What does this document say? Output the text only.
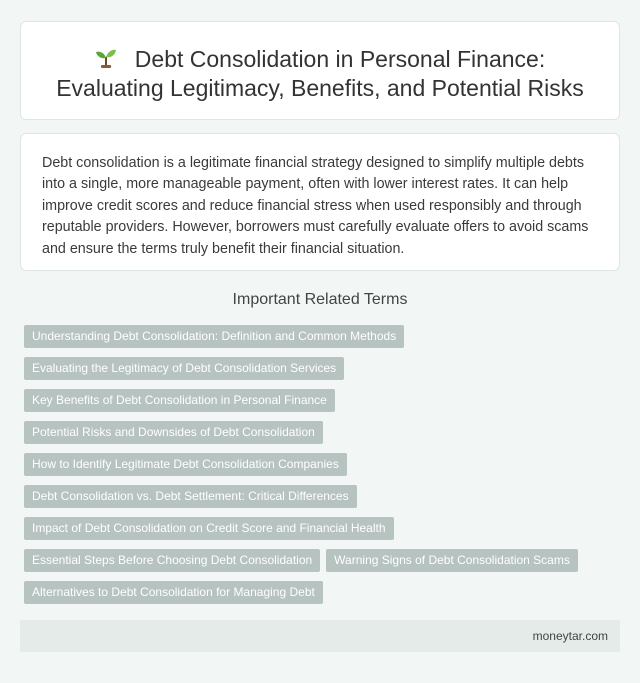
Debt Consolidation in Personal Finance:
Evaluating Legitimacy, Benefits, and Potential Risks

Debt consolidation is a legitimate financial strategy designed to simplify multiple debts into a single, more manageable payment, often with lower interest rates. It can help improve credit scores and reduce financial stress when used responsibly and through reputable providers. However, borrowers must carefully evaluate offers to avoid scams and ensure the terms truly benefit their financial situation.

Important Related Terms
Understanding Debt Consolidation: Definition and Common Methods
Evaluating the Legitimacy of Debt Consolidation Services
Key Benefits of Debt Consolidation in Personal Finance
Potential Risks and Downsides of Debt Consolidation
How to Identify Legitimate Debt Consolidation Companies
Debt Consolidation vs. Debt Settlement: Critical Differences
Impact of Debt Consolidation on Credit Score and Financial Health
Essential Steps Before Choosing Debt Consolidation	Warning Signs of Debt Consolidation Scams
Alternatives to Debt Consolidation for Managing Debt
moneytar.com
